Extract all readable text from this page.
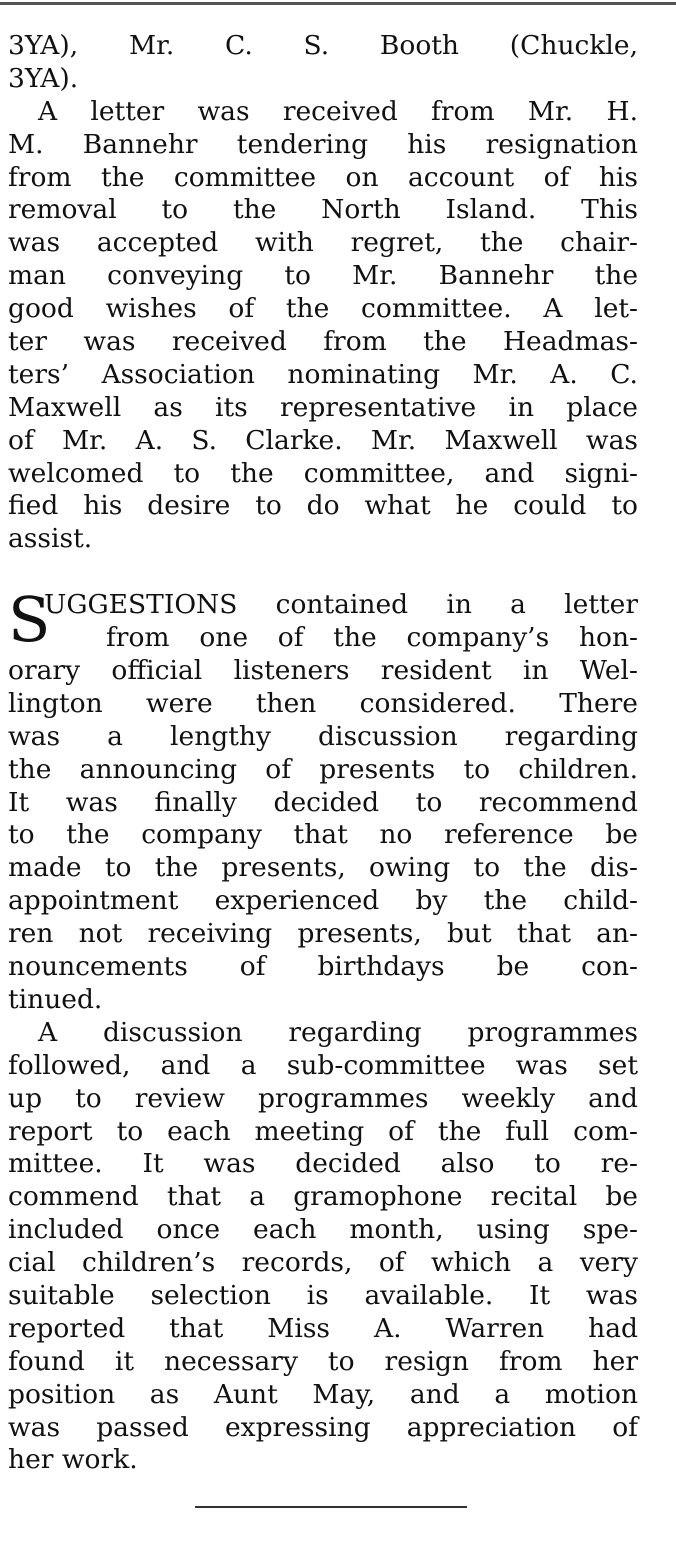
3YA), Mr. C. S. Booth (Chuckle,
3YA).
A letter was received from Mr. H.
M. Bannehr tendering his resignation
from the committee on account of his
removal to the North Island. This
was accepted with regret, the chair-
man conveying to Mr. Bannehr the
good wishes of the committee. A let-
ter was received from the Headmas-
ters’ Association nominating Mr. A. C.
Maxwell as its representative in place
of Mr. A. S. Clarke. Mr. Maxwell was
welcomed to the committee, and signi-
fied his desire to do what he could to
assist.
S
UGGESTIONS contained in a letter
from one of the company’s hon-
orary official listeners resident in Wel-
lington were then considered. There
was a lengthy discussion regarding
the announcing of presents to children.
It was finally decided to recommend
to the company that no reference be
made to the presents, owing to the dis-
appointment experienced by the child-
ren not receiving presents, but that an-
nouncements of birthdays be con-
tinued.
A discussion regarding programmes
followed, and a sub-committee was set
up to review programmes weekly and
report to each meeting of the full com-
mittee. It was decided also to re-
commend that a gramophone recital be
included once each month, using spe-
cial children’s records, of which a very
suitable selection is available. It was
reported that Miss A. Warren had
found it necessary to resign from her
position as Aunt May, and a motion
was passed expressing appreciation of
her work.
